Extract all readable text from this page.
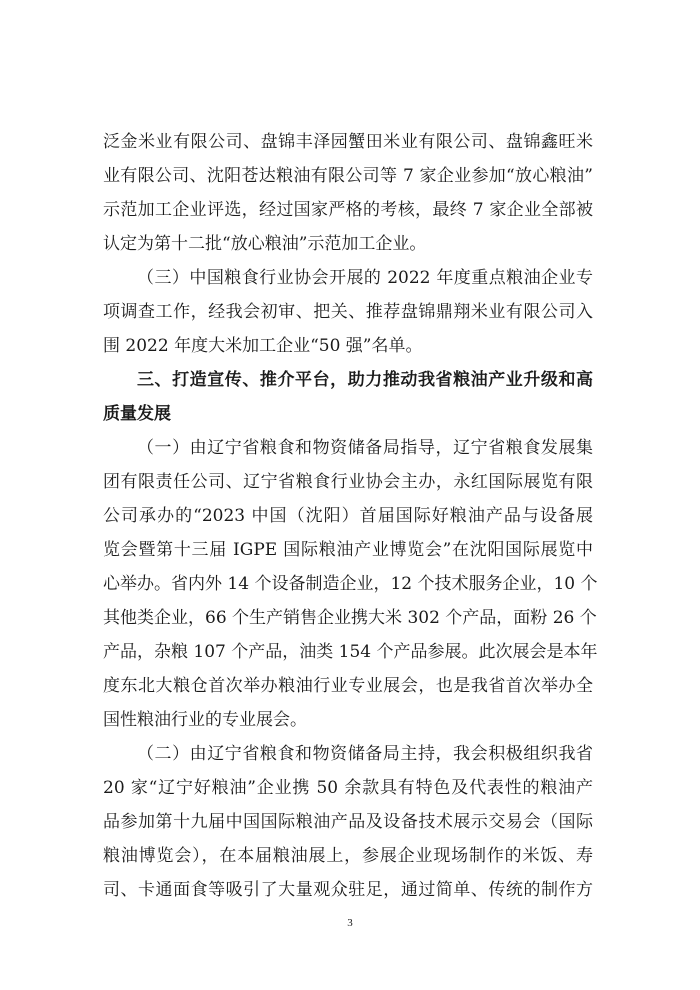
泛金米业有限公司、盘锦丰泽园蟹田米业有限公司、盘锦鑫旺米
业有限公司、沈阳苍达粮油有限公司等 7 家企业参加“放心粮油”
示范加工企业评选，经过国家严格的考核，最终 7 家企业全部被
认定为第十二批“放心粮油”示范加工企业。
（三）中国粮食行业协会开展的 2022 年度重点粮油企业专
项调查工作，经我会初审、把关、推荐盘锦鼎翔米业有限公司入
围 2022 年度大米加工企业“50 强”名单。
三、打造宣传、推介平台，助力推动我省粮油产业升级和高
质量发展
（一）由辽宁省粮食和物资储备局指导，辽宁省粮食发展集
团有限责任公司、辽宁省粮食行业协会主办，永红国际展览有限
公司承办的“2023 中国（沈阳）首届国际好粮油产品与设备展
览会暨第十三届 IGPE 国际粮油产业博览会”在沈阳国际展览中
心举办。省内外 14 个设备制造企业，12 个技术服务企业，10 个
其他类企业，66 个生产销售企业携大米 302 个产品，面粉 26 个
产品，杂粮 107 个产品，油类 154 个产品参展。此次展会是本年
度东北大粮仓首次举办粮油行业专业展会，也是我省首次举办全
国性粮油行业的专业展会。
（二）由辽宁省粮食和物资储备局主持，我会积极组织我省
20 家“辽宁好粮油”企业携 50 余款具有特色及代表性的粮油产
品参加第十九届中国国际粮油产品及设备技术展示交易会（国际
粮油博览会），在本届粮油展上，参展企业现场制作的米饭、寿
司、卡通面食等吸引了大量观众驻足，通过简单、传统的制作方
3
